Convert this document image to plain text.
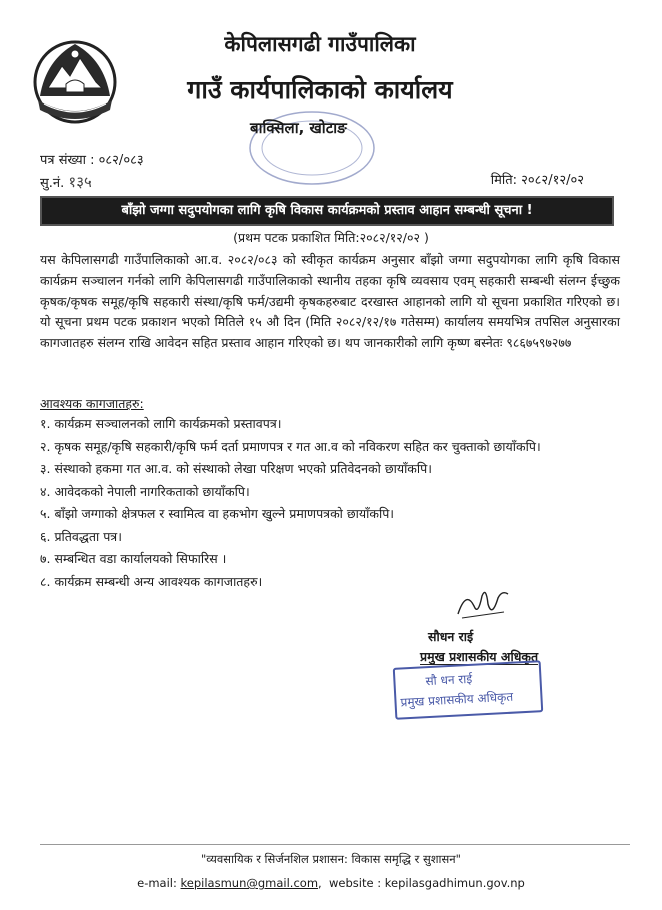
केपिलासगढी गाउँपालिका
गाउँ कार्यपालिकाको कार्यालय
बाक्सिला, खोटाङ
पत्र संख्या : ०८२/०८३
सु.नं. १३५	मिति: २०८२/१२/०२
बाँझो जग्गा सदुपयोगका लागि कृषि विकास कार्यक्रमको प्रस्ताव आहान सम्बन्धी सूचना !
(प्रथम पटक प्रकाशित मिति:२०८२/१२/०२ )
यस केपिलासगढी गाउँपालिकाको आ.व. २०८२/०८३ को स्वीकृत कार्यक्रम अनुसार बाँझो जग्गा सदुपयोगका लागि कृषि विकास कार्यक्रम सञ्चालन गर्नको लागि केपिलासगढी गाउँपालिकाको स्थानीय तहका कृषि व्यवसाय एवम् सहकारी सम्बन्धी संलग्न ईच्छुक कृषक/कृषक समूह/कृषि सहकारी संस्था/कृषि फर्म/उद्यमी कृषकहरुबाट दरखास्त आहानको लागि यो सूचना प्रकाशित गरिएको छ। यो सूचना प्रथम पटक प्रकाशन भएको मितिले १५ औ दिन (मिति २०८२/१२/१७ गतेसम्म) कार्यालय समयभित्र तपसिल अनुसारका कागजातहरु संलग्न राखि आवेदन सहित प्रस्ताव आहान गरिएको छ। थप जानकारीको लागि कृष्ण बस्नेतः ९८६७५९७२७७
आवश्यक कागजातहरु:
१. कार्यक्रम सञ्चालनको लागि कार्यक्रमको प्रस्तावपत्र।
२. कृषक समूह/कृषि सहकारी/कृषि फर्म दर्ता प्रमाणपत्र र गत आ.व को नविकरण सहित कर चुक्ताको छायाँकपि।
३. संस्थाको हकमा गत आ.व. को संस्थाको लेखा परिक्षण भएको प्रतिवेदनको छायाँकपि।
४. आवेदकको नेपाली नागरिकताको छायाँकपि।
५. बाँझो जग्गाको क्षेत्रफल र स्वामित्व वा हकभोग खुल्ने प्रमाणपत्रको छायाँकपि।
६. प्रतिवद्धता पत्र।
७. सम्बन्धित वडा कार्यालयको सिफारिस ।
८. कार्यक्रम सम्बन्धी अन्य आवश्यक कागजातहरु।
सौधन राई
प्रमुख प्रशासकीय अधिकृत
सौ धन राई
प्रमुख प्रशासकीय अधिकृत
"व्यवसायिक र सिर्जनशिल प्रशासन: विकास समृद्धि र सुशासन"
e-mail: kepilasmun@gmail.com,  website : kepilasgadhimun.gov.np
